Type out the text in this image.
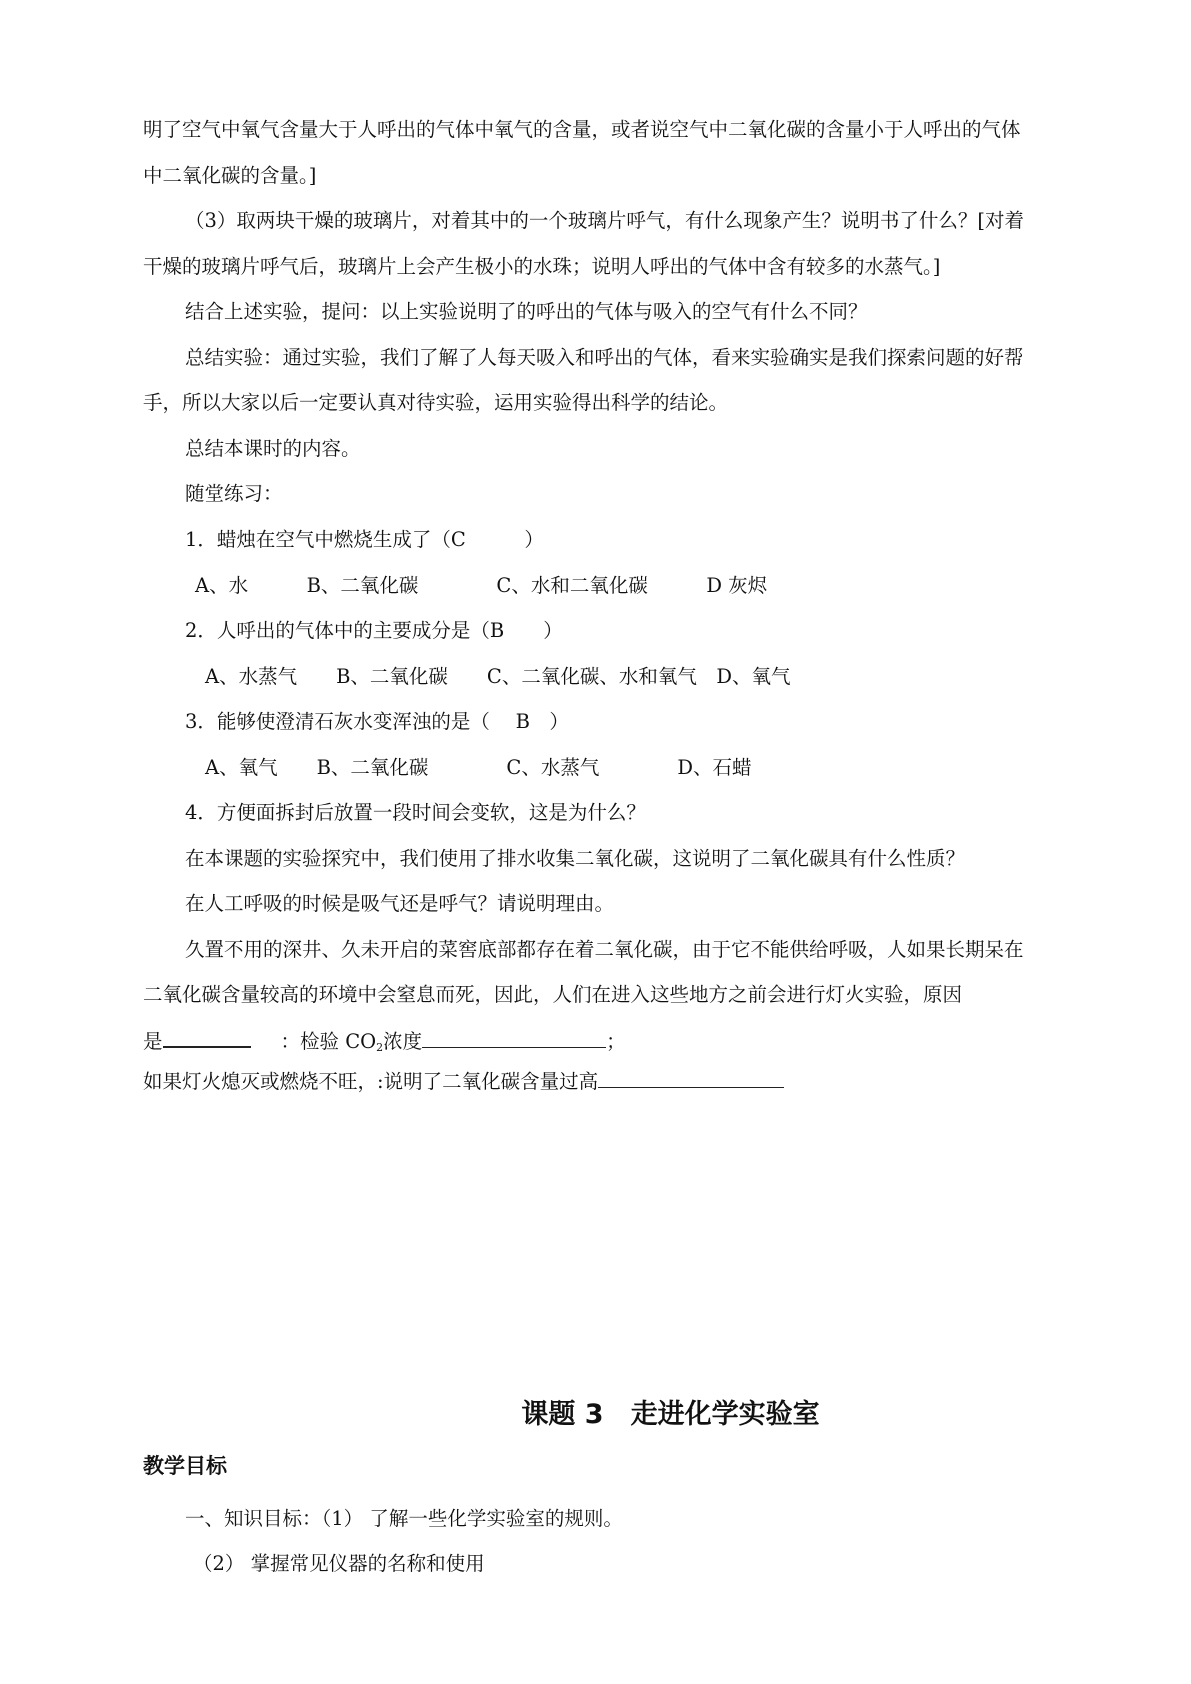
明了空气中氧气含量大于人呼出的气体中氧气的含量，或者说空气中二氧化碳的含量小于人呼出的气体

中二氧化碳的含量。]

（3）取两块干燥的玻璃片，对着其中的一个玻璃片呼气，有什么现象产生？说明书了什么？[对着

干燥的玻璃片呼气后，玻璃片上会产生极小的水珠；说明人呼出的气体中含有较多的水蒸气。]

结合上述实验，提问：以上实验说明了的呼出的气体与吸入的空气有什么不同？

总结实验：通过实验，我们了解了人每天吸入和呼出的气体，看来实验确实是我们探索问题的好帮

手，所以大家以后一定要认真对待实验，运用实验得出科学的结论。

总结本课时的内容。

随堂练习：

1．蜡烛在空气中燃烧生成了（C　　　）

A、水　　　B、二氧化碳　　　　C、水和二氧化碳　　　D 灰烬

2．人呼出的气体中的主要成分是（B　　）

A、水蒸气　　B、二氧化碳　　C、二氧化碳、水和氧气　D、氧气

3．能够使澄清石灰水变浑浊的是（　 B　）

A、氧气　　B、二氧化碳　　　　C、水蒸气　　　　D、石蜡

4．方便面拆封后放置一段时间会变软，这是为什么？

在本课题的实验探究中，我们使用了排水收集二氧化碳，这说明了二氧化碳具有什么性质？

在人工呼吸的时候是吸气还是呼气？请说明理由。

久置不用的深井、久未开启的菜窖底部都存在着二氧化碳，由于它不能供给呼吸，人如果长期呆在

二氧化碳含量较高的环境中会窒息而死，因此，人们在进入这些地方之前会进行灯火实验，原因

是	：检验 $CO_2$浓度	；

如果灯火熄灭或燃烧不旺，:说明了二氧化碳含量过高

课题 3　走进化学实验室
教学目标

一、知识目标：（1） 了解一些化学实验室的规则。

（2） 掌握常见仪器的名称和使用
